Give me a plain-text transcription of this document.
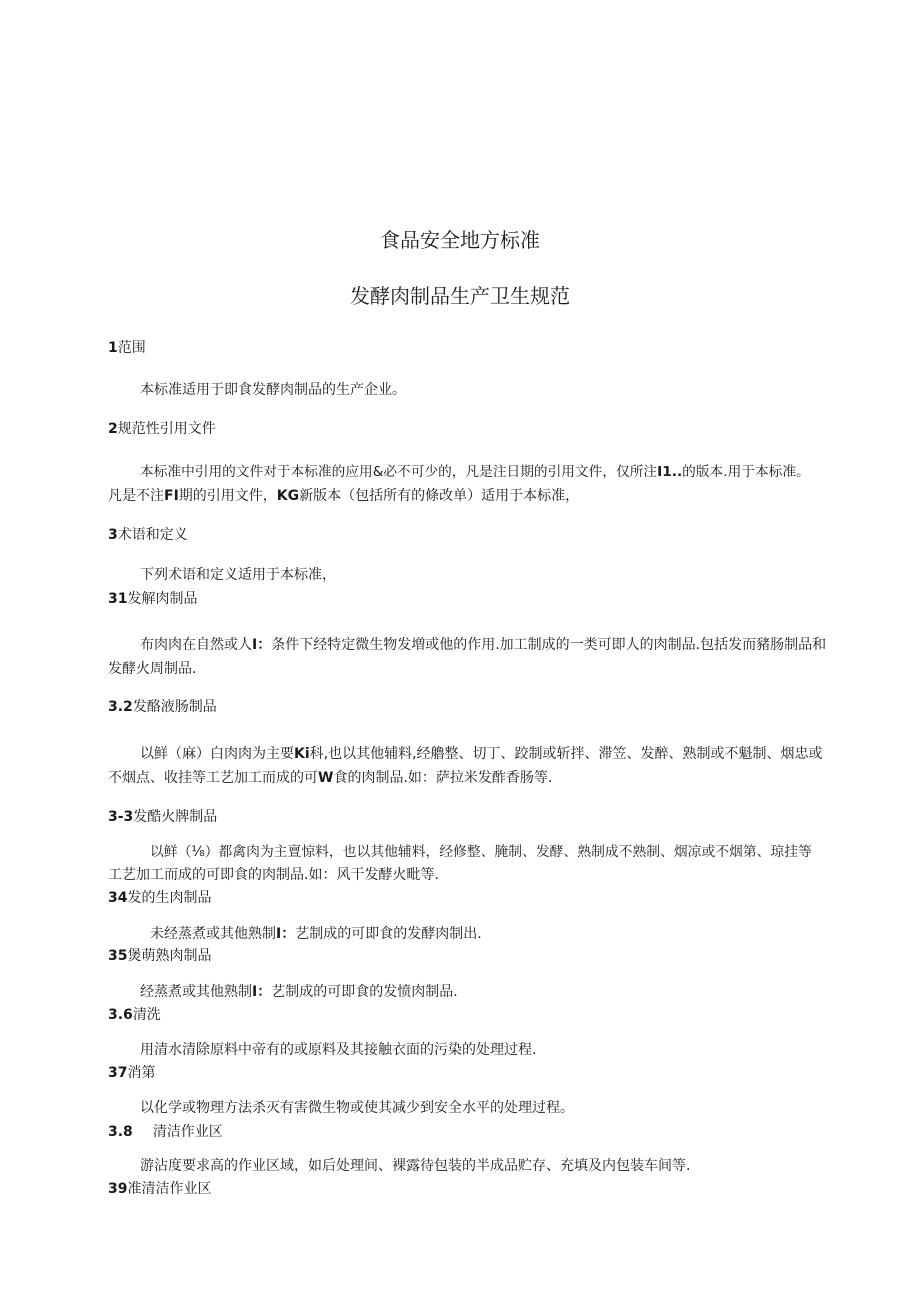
食品安全地方标准
发酵肉制品生产卫生规范
1范围
本标准适用于即食发酵肉制品的生产企业。
2规范性引用文件
本标准中引用的文件对于本标准的应用&必不可少的，凡是注日期的引用文件，仅所注I1..的版本.用于本标准。
凡是不注FI期的引用文件，KG新版本（包括所有的條改单）适用于本标准，
3术语和定义
下列术语和定义适用于本标准，
31发解肉制品
布肉肉在自然或人I：条件下经特定微生物发増或他的作用.加工制成的一类可即人的肉制品.包括发而豬肠制品和
发酵火周制品.
3.2发酪液肠制品
以鲜（麻）白肉肉为主要Ki科,也以其他辅料,经艪整、切丁、跤制或斩拌、滞笠、发醉、熟制或不魁制、烟忠或
不烟点、收挂等工艺加工而成的可W食的肉制品.如：萨拉米发酢香肠等.
3-3发酷火牌制品
以鲜（⅛）都禽肉为主亶惊料，也以其他辅料，经修整、腌制、发酵、熟制成不熟制、烟凉或不烟第、琼挂等
工艺加工而成的可即食的肉制品.如：风干发酵火毗等.
34发的生肉制品
未经蒸煮或其他熟制I：艺制成的可即食的发酵肉制出.
35煲萌熟肉制品
经蒸煮或其他熟制I：艺制成的可即食的发愤肉制品.
3.6清洗
用清水清除原料中帝有的或原料及其接触衣面的污染的处理过程.
37消第
以化学或物理方法杀灭有害微生物或使其减少到安全水平的处理过程。
3.8 清洁作业区
游沾度要求高的作业区域，如后处理间、裸露待包装的半成品贮存、充填及内包装车间等.
39准清洁作业区
